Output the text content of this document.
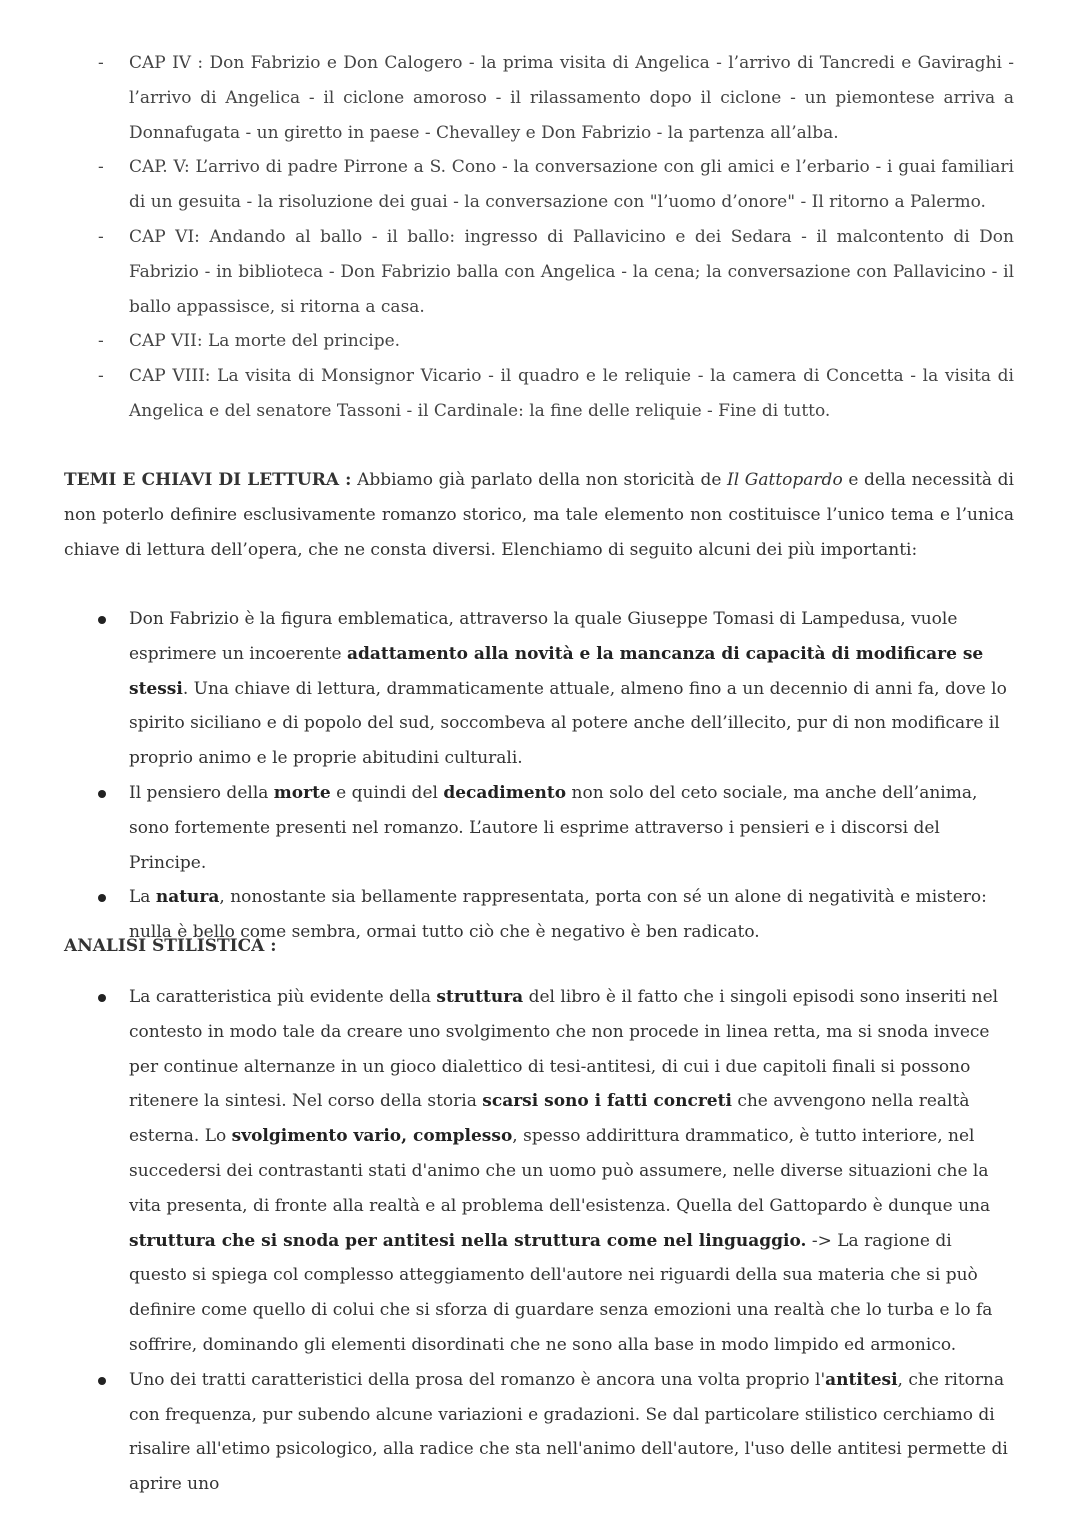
- CAP IV : Don Fabrizio e Don Calogero - la prima visita di Angelica - l’arrivo di Tancredi e Gaviraghi - l’arrivo di Angelica - il ciclone amoroso - il rilassamento dopo il ciclone - un piemontese arriva a Donnafugata - un giretto in paese - Chevalley e Don Fabrizio - la partenza all’alba.
- CAP. V: L’arrivo di padre Pirrone a S. Cono - la conversazione con gli amici e l’erbario - i guai familiari di un gesuita - la risoluzione dei guai - la conversazione con "l’uomo d’onore" - Il ritorno a Palermo.
- CAP VI: Andando al ballo - il ballo: ingresso di Pallavicino e dei Sedara - il malcontento di Don Fabrizio - in biblioteca - Don Fabrizio balla con Angelica - la cena; la conversazione con Pallavicino - il ballo appassisce, si ritorna a casa.
- CAP VII: La morte del principe.
- CAP VIII: La visita di Monsignor Vicario - il quadro e le reliquie - la camera di Concetta - la visita di Angelica e del senatore Tassoni - il Cardinale: la fine delle reliquie - Fine di tutto.

TEMI E CHIAVI DI LETTURA : Abbiamo già parlato della non storicità de Il Gattopardo e della necessità di non poterlo definire esclusivamente romanzo storico, ma tale elemento non costituisce l’unico tema e l’unica chiave di lettura dell’opera, che ne consta diversi. Elenchiamo di seguito alcuni dei più importanti:

Don Fabrizio è la figura emblematica, attraverso la quale Giuseppe Tomasi di Lampedusa, vuole esprimere un incoerente adattamento alla novità e la mancanza di capacità di modificare se stessi. Una chiave di lettura, drammaticamente attuale, almeno fino a un decennio di anni fa, dove lo spirito siciliano e di popolo del sud, soccombeva al potere anche dell’illecito, pur di non modificare il proprio animo e le proprie abitudini culturali.
Il pensiero della morte e quindi del decadimento non solo del ceto sociale, ma anche dell’anima, sono fortemente presenti nel romanzo. L’autore li esprime attraverso i pensieri e i discorsi del Principe.
La natura, nonostante sia bellamente rappresentata, porta con sé un alone di negatività e mistero: nulla è bello come sembra, ormai tutto ciò che è negativo è ben radicato.

ANALISI STILISTICA :

La caratteristica più evidente della struttura del libro è il fatto che i singoli episodi sono inseriti nel contesto in modo tale da creare uno svolgimento che non procede in linea retta, ma si snoda invece per continue alternanze in un gioco dialettico di tesi-antitesi, di cui i due capitoli finali si possono ritenere la sintesi. Nel corso della storia scarsi sono i fatti concreti che avvengono nella realtà esterna. Lo svolgimento vario, complesso, spesso addirittura drammatico, è tutto interiore, nel succedersi dei contrastanti stati d'animo che un uomo può assumere, nelle diverse situazioni che la vita presenta, di fronte alla realtà e al problema dell'esistenza. Quella del Gattopardo è dunque una struttura che si snoda per antitesi nella struttura come nel linguaggio. -> La ragione di questo si spiega col complesso atteggiamento dell'autore nei riguardi della sua materia che si può definire come quello di colui che si sforza di guardare senza emozioni una realtà che lo turba e lo fa soffrire, dominando gli elementi disordinati che ne sono alla base in modo limpido ed armonico.
Uno dei tratti caratteristici della prosa del romanzo è ancora una volta proprio l'antitesi, che ritorna con frequenza, pur subendo alcune variazioni e gradazioni. Se dal particolare stilistico cerchiamo di risalire all'etimo psicologico, alla radice che sta nell'animo dell'autore, l'uso delle antitesi permette di aprire uno
